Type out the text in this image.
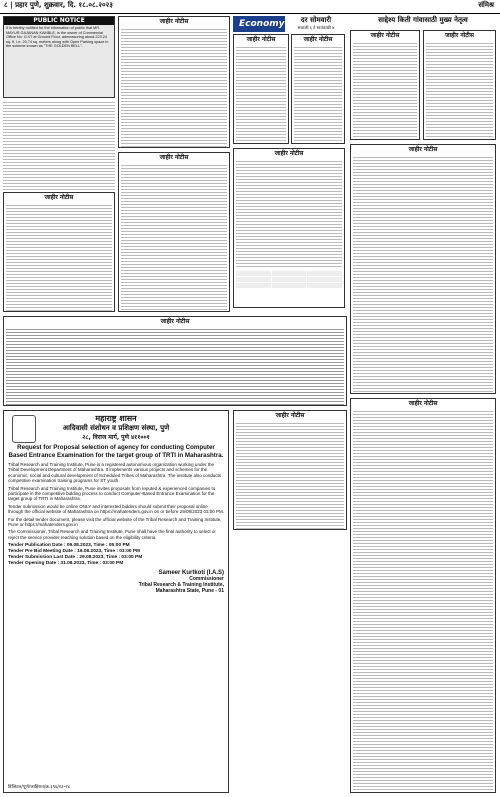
८ | प्रहार पुणे, शुक्रवार, दि. १८.०८.२०२३	संमिश्र
PUBLIC NOTICE
It is hereby notified for the information of public that MR. MAYUR GAJANAN KAMBLE, is the owner of Commercial Office No. G-07 at Ground Floor, admeasuring about 223.24 sq. ft. i.e. 20.74 sq. meters along with Open Parking space in the scheme known as "THE GOLDEN BELL".
जाहीर नोटीस
जाहीर नोटीस
जाहीर नोटीस
Economy	दर सोमवारी
सकाळी ६ ते सायंकाळी ७
जाहीर नोटीस	जाहीर नोटीस
जाहीर नोटीस
साद्देश्य किती गांवासाठी मुख्य नेतृत्व
जाहीर नोटीस	जाहीर नोटीस
जाहीर नोटीस
जाहीर नोटीस
जाहीर नोटीस
जाहीर नोटीस
महाराष्ट्र शासन
आदिवासी संशोधन व प्रशिक्षण संस्था, पुणे
२८, विराज मार्ग, पुणे ४११००१
Request for Proposal selection of agency for conducting Computer Based Entrance Examination for the target group of TRTI in Maharashtra.
Tribal Research and Training Institute, Pune is a registered autonomous organization working under the Tribal Development Department of Maharashtra. It implements various projects and schemes for the economic, social and cultural development of Scheduled Tribes of Maharashtra. The institute also conducts competitive examination training programs for ST youth.
Tribal Research and Training Institute, Pune invites proposals from reputed & experienced companies to participate in the competitive bidding process to conduct Computer-Based Entrance Examination for the target group of TRTI in Maharashtra.
Tender submission would be online ONLY and interested bidders should submit their proposal online through the official website of Maharashtra on https://mahatenders.gov.in on or before 29/08/2023 03:00 PM.
For the detail tender document, please visit the official website of the Tribal Research and Training Institute, Pune or https://mahatenders.gov.in
The Commissioner, Tribal Research and Training Institute, Pune shall have the final authority to select or reject the service provider reaching solution based on the eligibility criteria.
Tender Publication Date : 09.08.2023, Time : 05:00 PM
Tender Pre Bid Meeting Date : 16.08.2023, Time : 03:00 PM
Tender Submission Last Date : 29.08.2023, Time : 03:00 PM
Tender Opening Date : 31.08.2023, Time : 03:00 PM
Sameer Kurtkoti (I.A.S)
Commissioner
Tribal Research & Training Institute,
Maharashtra State, Pune - 01
डिजिटल/पूर्ण/जाहिरात/क्र.३९६/२३-२४
